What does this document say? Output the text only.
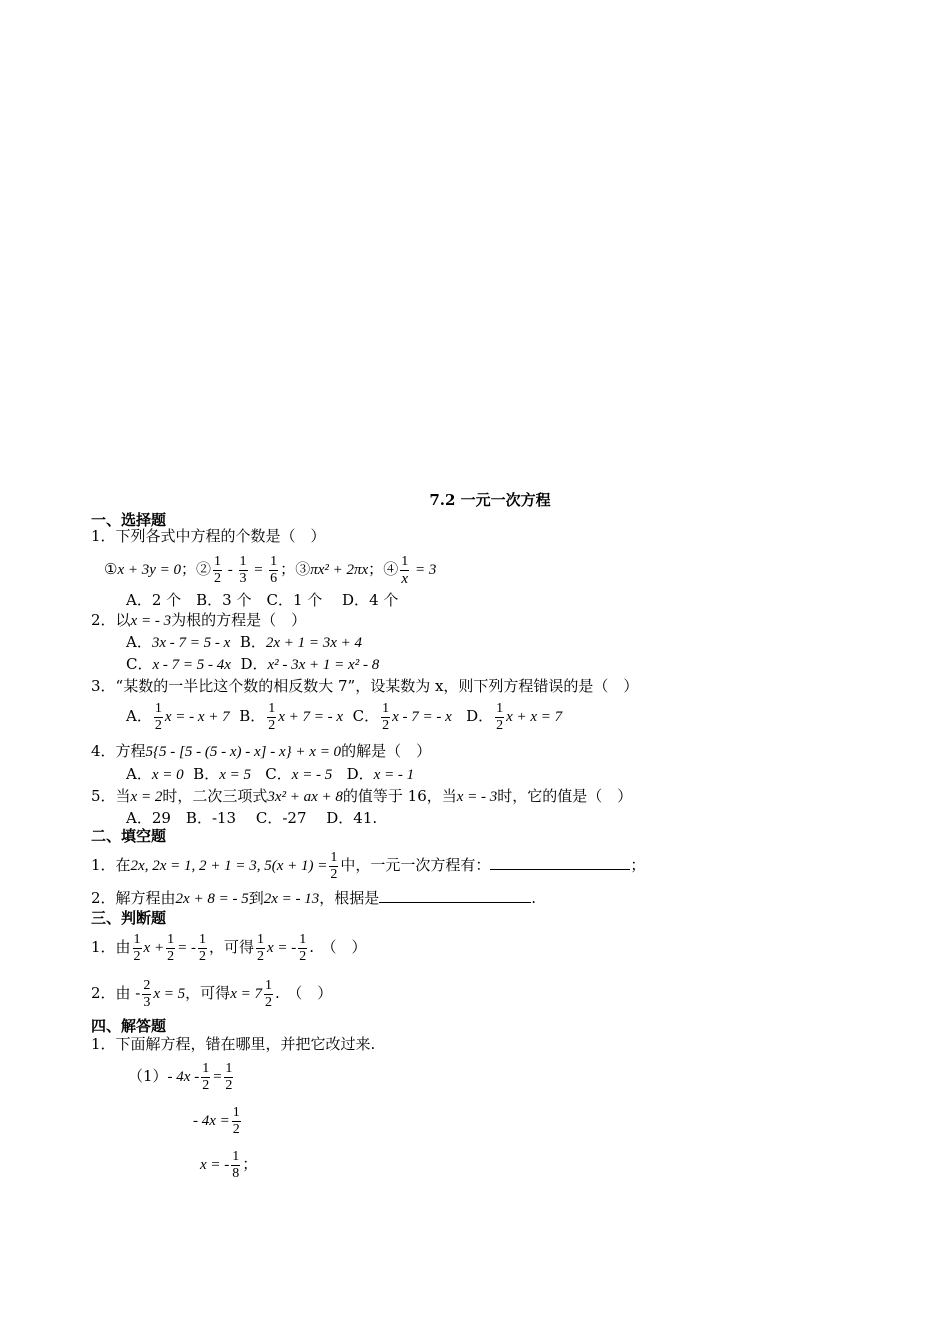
7.2 一元一次方程
一、选择题
1．下列各式中方程的个数是（　）
①x + 3y = 0；② $\frac{1}{2} - \frac{1}{3} = \frac{1}{6}$ ；③πx² + 2πx；④ $\frac{1}{x} = 3$
A．2 个　B．3 个　C．1 个　 D．4 个
2．以x = - 3为根的方程是（　）
A．3x - 7 = 5 - x B．2x + 1 = 3x + 4
C．x - 7 = 5 - 4x D．x² - 3x + 1 = x² - 8
3．“某数的一半比这个数的相反数大 7”，设某数为 x，则下列方程错误的是（　）
A． $\frac{1}{2}$ x = - x + 7 B． $\frac{1}{2}$ x + 7 = - x C． $\frac{1}{2}$ x - 7 = - x D． $\frac{1}{2}$ x + x = 7
4．方程5{5 - [5 - (5 - x) - x] - x} + x = 0的解是（　）
A．x = 0 B．x = 5 C．x = - 5 D．x = - 1
5．当x = 2时，二次三项式3x² + ax + 8的值等于 16，当x = - 3时，它的值是（　）
A．29　B．-13　 C．-27　 D．41.
二、填空题
1．在2x, 2x = 1, 2 + 1 = 3, $5(x + 1) = \frac{1}{2}$ 中，一元一次方程有：	；
2．解方程由2x + 8 = - 5到2x = - 13，根据是	.
三、判断题
1．由 $\frac{1}{2}$ $x + \frac{1}{2}$ = - $\frac{1}{2}$ ，可得 $\frac{1}{2}$ x = - $\frac{1}{2}$ .　（　）
2．由 - $\frac{2}{3}$ x = 5，可得$x = 7 \frac{1}{2}$ .　（　）
四、解答题
1．下面解方程，错在哪里，并把它改过来.
（1）- $4x - \frac{1}{2} = \frac{1}{2}$
- $4x = \frac{1}{2}$
x = - $\frac{1}{8}$ ；
